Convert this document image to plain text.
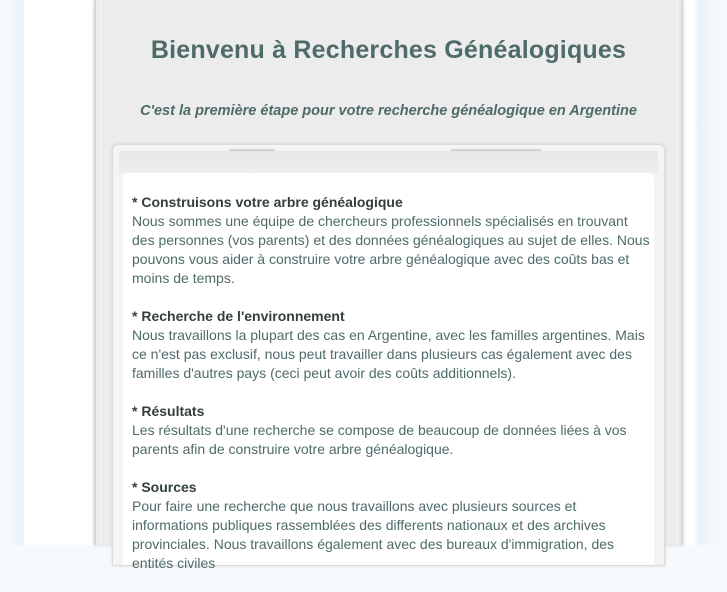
Bienvenu à Recherches Généalogiques
C'est la première étape pour votre recherche généalogique en Argentine
* Construisons votre arbre généalogique
Nous sommes une équipe de chercheurs professionnels spécialisés en trouvant des personnes (vos parents) et des données généalogiques au sujet de elles. Nous pouvons vous aider à construire votre arbre généalogique avec des coûts bas et moins de temps.
* Recherche de l'environnement
Nous travaillons la plupart des cas en Argentine, avec les familles argentines. Mais ce n'est pas exclusif, nous peut travailler dans plusieurs cas également avec des familles d'autres pays (ceci peut avoir des coûts additionnels).
* Résultats
Les résultats d'une recherche se compose de beaucoup de données liées à vos parents afin de construire votre arbre généalogique.
* Sources
Pour faire une recherche que nous travaillons avec plusieurs sources et informations publiques rassemblées des differents nationaux et des archives provinciales. Nous travaillons également avec des bureaux d'immigration, des entités civiles
